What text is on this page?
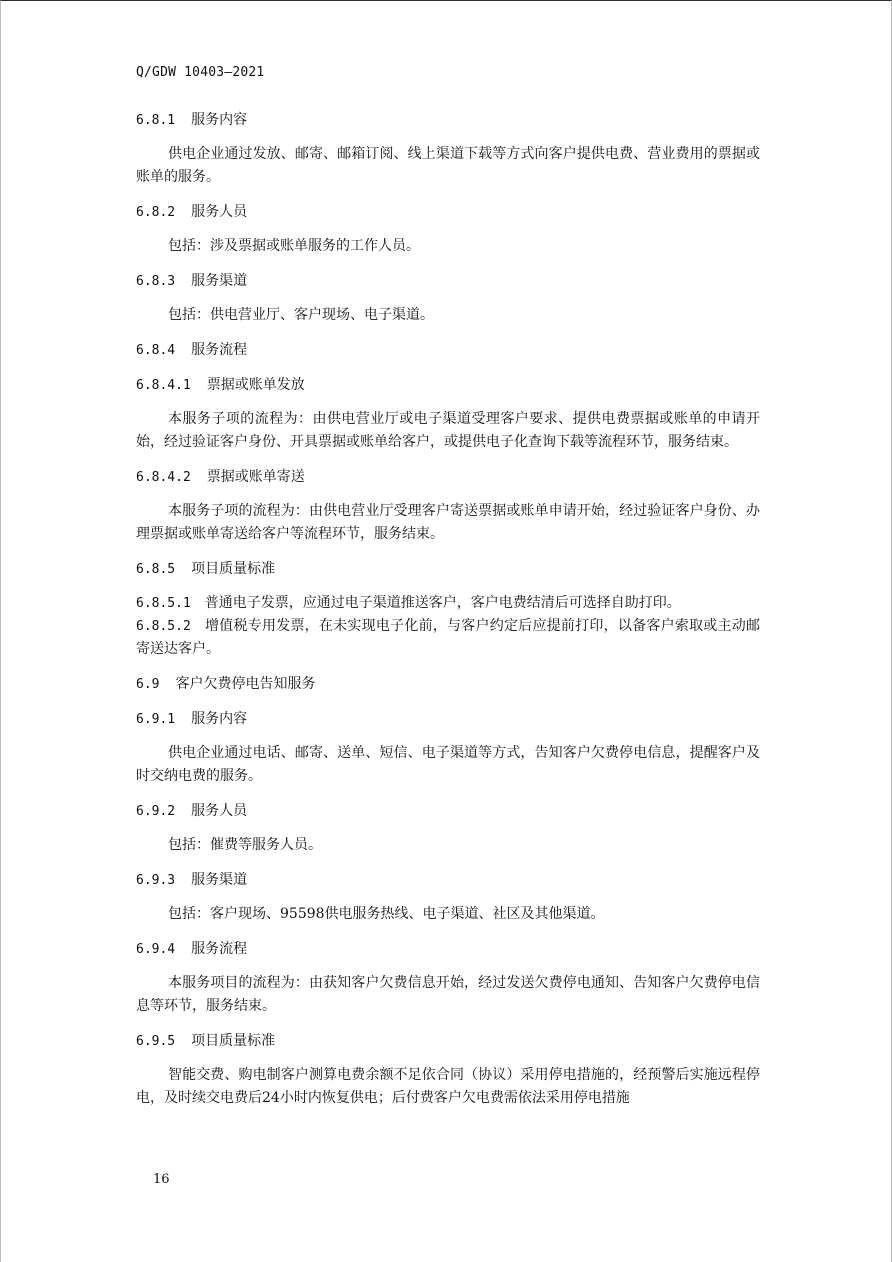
Q/GDW 10403—2021

6.8.1 服务内容

供电企业通过发放、邮寄、邮箱订阅、线上渠道下载等方式向客户提供电费、营业费用的票据或账单的服务。

6.8.2 服务人员

包括：涉及票据或账单服务的工作人员。

6.8.3 服务渠道

包括：供电营业厅、客户现场、电子渠道。

6.8.4 服务流程

6.8.4.1 票据或账单发放

本服务子项的流程为：由供电营业厅或电子渠道受理客户要求、提供电费票据或账单的申请开始，经过验证客户身份、开具票据或账单给客户，或提供电子化查询下载等流程环节，服务结束。

6.8.4.2 票据或账单寄送

本服务子项的流程为：由供电营业厅受理客户寄送票据或账单申请开始，经过验证客户身份、办理票据或账单寄送给客户等流程环节，服务结束。

6.8.5 项目质量标准

6.8.5.1 普通电子发票，应通过电子渠道推送客户，客户电费结清后可选择自助打印。

6.8.5.2 增值税专用发票，在未实现电子化前，与客户约定后应提前打印，以备客户索取或主动邮寄送达客户。

6.9 客户欠费停电告知服务

6.9.1 服务内容

供电企业通过电话、邮寄、送单、短信、电子渠道等方式，告知客户欠费停电信息，提醒客户及时交纳电费的服务。

6.9.2 服务人员

包括：催费等服务人员。

6.9.3 服务渠道

包括：客户现场、95598供电服务热线、电子渠道、社区及其他渠道。

6.9.4 服务流程

本服务项目的流程为：由获知客户欠费信息开始，经过发送欠费停电通知、告知客户欠费停电信息等环节，服务结束。

6.9.5 项目质量标准

智能交费、购电制客户测算电费余额不足依合同（协议）采用停电措施的，经预警后实施远程停电，及时续交电费后24小时内恢复供电；后付费客户欠电费需依法采用停电措施

16
